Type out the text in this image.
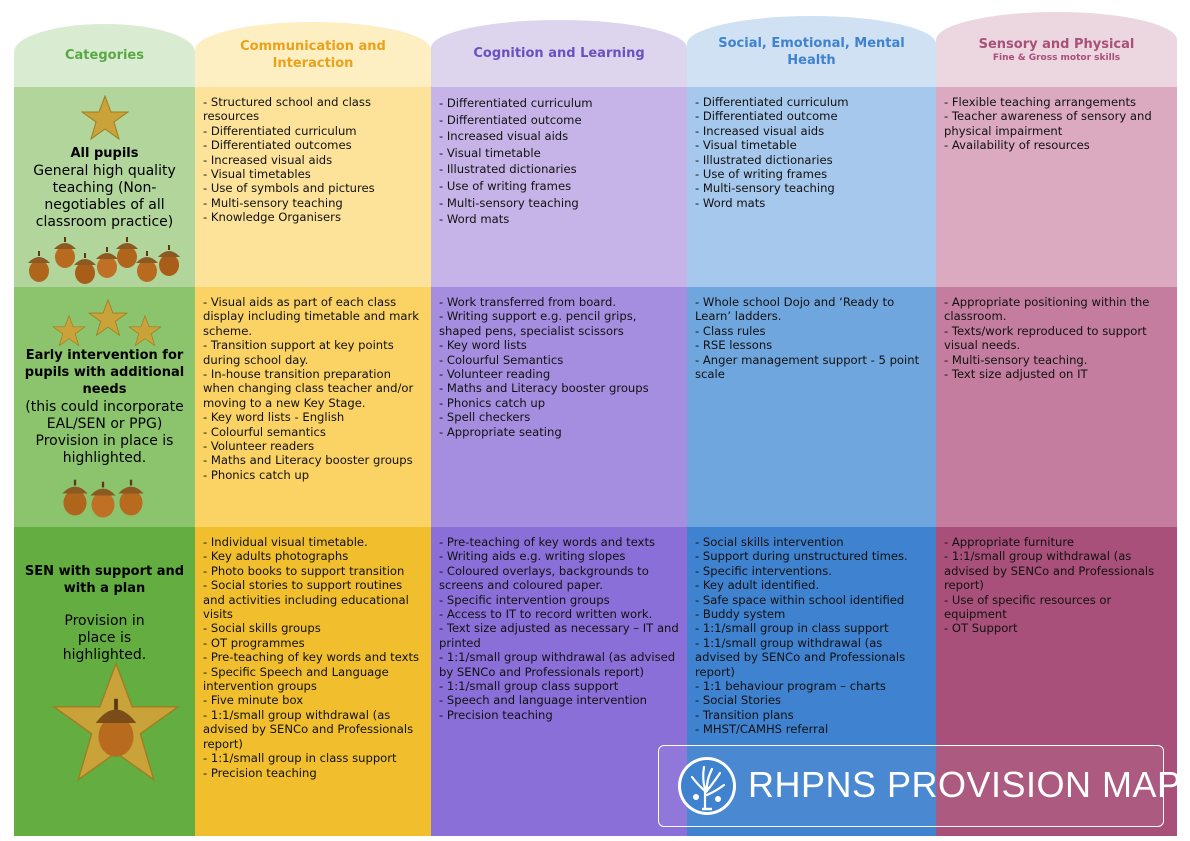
Categories
Communication and Interaction
Cognition and Learning
Social, Emotional, Mental Health
Sensory and Physical
Fine & Gross motor skills
All pupils
General high quality teaching (Non-negotiables of all classroom practice)
- Structured school and class resources
- Differentiated curriculum
- Differentiated outcomes
- Increased visual aids
- Visual timetables
- Use of symbols and pictures
- Multi-sensory teaching
- Knowledge Organisers
- Differentiated curriculum
- Differentiated outcome
- Increased visual aids
- Visual timetable
- Illustrated dictionaries
- Use of writing frames
- Multi-sensory teaching
- Word mats
- Differentiated curriculum
- Differentiated outcome
- Increased visual aids
- Visual timetable
- Illustrated dictionaries
- Use of writing frames
- Multi-sensory teaching
- Word mats
- Flexible teaching arrangements
- Teacher awareness of sensory and physical impairment
- Availability of resources
Early intervention for pupils with additional needs
(this could incorporate EAL/SEN or PPG) Provision in place is highlighted.
- Visual aids as part of each class display including timetable and mark scheme.
- Transition support at key points during school day.
- In-house transition preparation when changing class teacher and/or moving to a new Key Stage.
- Key word lists - English
- Colourful semantics
- Volunteer readers
- Maths and Literacy booster groups
- Phonics catch up
- Work transferred from board.
- Writing support e.g. pencil grips, shaped pens, specialist scissors
- Key word lists
- Colourful Semantics
- Volunteer reading
- Maths and Literacy booster groups
- Phonics catch up
- Spell checkers
- Appropriate seating
- Whole school Dojo and ‘Ready to Learn’ ladders.
- Class rules
- RSE lessons
- Anger management support - 5 point scale
- Appropriate positioning within the classroom.
- Texts/work reproduced to support visual needs.
- Multi-sensory teaching.
- Text size adjusted on IT
SEN with support and with a plan
Provision in place is highlighted.
- Individual visual timetable.
- Key adults photographs
- Photo books to support transition
- Social stories to support routines and activities including educational visits
- Social skills groups
- OT programmes
- Pre-teaching of key words and texts
- Specific Speech and Language intervention groups
- Five minute box
- 1:1/small group withdrawal (as advised by SENCo and Professionals report)
- 1:1/small group in class support
- Precision teaching
- Pre-teaching of key words and texts
- Writing aids e.g. writing slopes
- Coloured overlays, backgrounds to screens and coloured paper.
- Specific intervention groups
- Access to IT to record written work.
- Text size adjusted as necessary – IT and printed
- 1:1/small group withdrawal (as advised by SENCo and Professionals report)
- 1:1/small group class support
- Speech and language intervention
- Precision teaching
- Social skills intervention
- Support during unstructured times.
- Specific interventions.
- Key adult identified.
- Safe space within school identified
- Buddy system
- 1:1/small group in class support
- 1:1/small group withdrawal (as advised by SENCo and Professionals report)
- 1:1 behaviour program – charts
- Social Stories
- Transition plans
- MHST/CAMHS referral
- Appropriate furniture
- 1:1/small group withdrawal (as advised by SENCo and Professionals report)
- Use of specific resources or equipment
- OT Support
RHPNS PROVISION MAP
